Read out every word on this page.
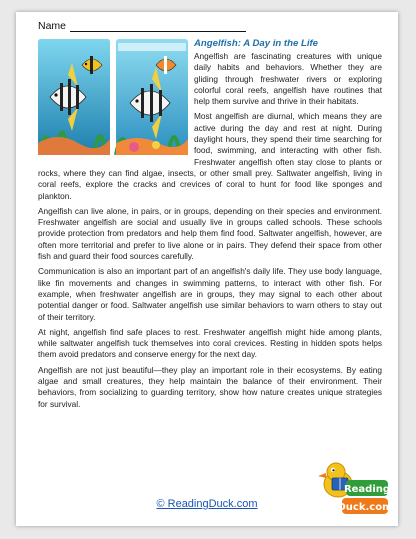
Name
Angelfish: A Day in the Life

Angelfish are fascinating creatures with unique daily habits and behaviors. Whether they are gliding through freshwater rivers or exploring colorful coral reefs, angelfish have routines that help them survive and thrive in their habitats.

Most angelfish are diurnal, which means they are active during the day and rest at night. During daylight hours, they spend their time searching for food, swimming, and interacting with other fish. Freshwater angelfish often stay close to plants or rocks, where they can find algae, insects, or other small prey. Saltwater angelfish, living in coral reefs, explore the cracks and crevices of coral to hunt for food like sponges and plankton.

Angelfish can live alone, in pairs, or in groups, depending on their species and environment. Freshwater angelfish are social and usually live in groups called schools. These schools provide protection from predators and help them find food. Saltwater angelfish, however, are often more territorial and prefer to live alone or in pairs. They defend their space from other fish and guard their food sources carefully.

Communication is also an important part of an angelfish's daily life. They use body language, like fin movements and changes in swimming patterns, to interact with other fish. For example, when freshwater angelfish are in groups, they may signal to each other about potential danger or food. Saltwater angelfish use similar behaviors to warn others to stay out of their territory.

At night, angelfish find safe places to rest. Freshwater angelfish might hide among plants, while saltwater angelfish tuck themselves into coral crevices. Resting in hidden spots helps them avoid predators and conserve energy for the next day.

Angelfish are not just beautiful—they play an important role in their ecosystems. By eating algae and small creatures, they help maintain the balance of their environment. Their behaviors, from socializing to guarding territory, show how nature creates unique strategies for survival.

© ReadingDuck.com
Reading
Duck.com
